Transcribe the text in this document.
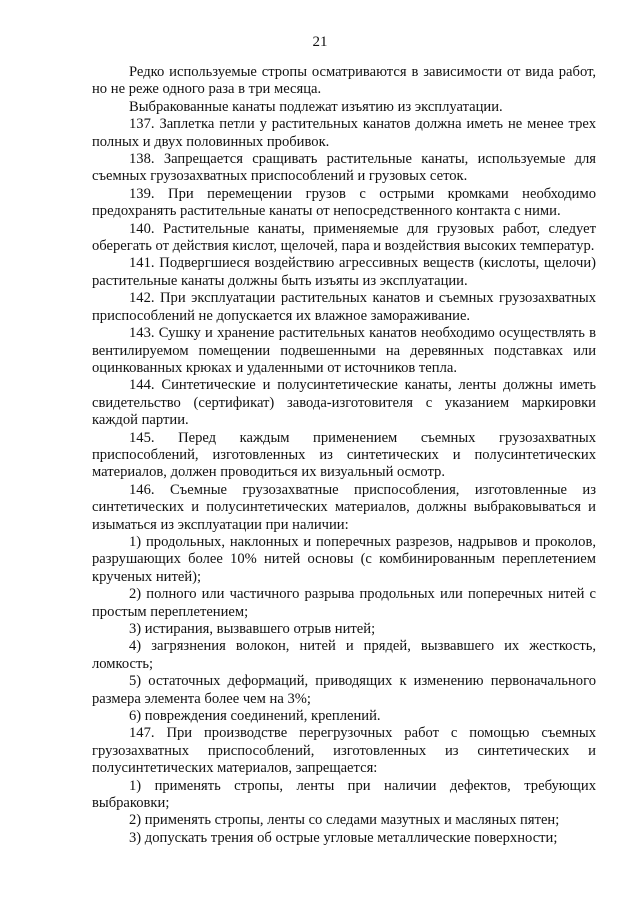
21

Редко используемые стропы осматриваются в зависимости от вида работ, но не реже одного раза в три месяца.

Выбракованные канаты подлежат изъятию из эксплуатации.

137. Заплетка петли у растительных канатов должна иметь не менее трех полных и двух половинных пробивок.

138. Запрещается сращивать растительные канаты, используемые для съемных грузозахватных приспособлений и грузовых сеток.

139. При перемещении грузов с острыми кромками необходимо предохранять растительные канаты от непосредственного контакта с ними.

140. Растительные канаты, применяемые для грузовых работ, следует оберегать от действия кислот, щелочей, пара и воздействия высоких температур.

141. Подвергшиеся воздействию агрессивных веществ (кислоты, щелочи) растительные канаты должны быть изъяты из эксплуатации.

142. При эксплуатации растительных канатов и съемных грузозахватных приспособлений не допускается их влажное замораживание.

143. Сушку и хранение растительных канатов необходимо осуществлять в вентилируемом помещении подвешенными на деревянных подставках или оцинкованных крюках и удаленными от источников тепла.

144. Синтетические и полусинтетические канаты, ленты должны иметь свидетельство (сертификат) завода-изготовителя с указанием маркировки каждой партии.

145. Перед каждым применением съемных грузозахватных приспособлений, изготовленных из синтетических и полусинтетических материалов, должен проводиться их визуальный осмотр.

146. Съемные грузозахватные приспособления, изготовленные из синтетических и полусинтетических материалов, должны выбраковываться и изыматься из эксплуатации при наличии:

1) продольных, наклонных и поперечных разрезов, надрывов и проколов, разрушающих более 10% нитей основы (с комбинированным переплетением крученых нитей);

2) полного или частичного разрыва продольных или поперечных нитей с простым переплетением;

3) истирания, вызвавшего отрыв нитей;

4) загрязнения волокон, нитей и прядей, вызвавшего их жесткость, ломкость;

5) остаточных деформаций, приводящих к изменению первоначального размера элемента более чем на 3%;

6) повреждения соединений, креплений.

147. При производстве перегрузочных работ с помощью съемных грузозахватных приспособлений, изготовленных из синтетических и полусинтетических материалов, запрещается:

1) применять стропы, ленты при наличии дефектов, требующих выбраковки;

2) применять стропы, ленты со следами мазутных и масляных пятен;

3) допускать трения об острые угловые металлические поверхности;
